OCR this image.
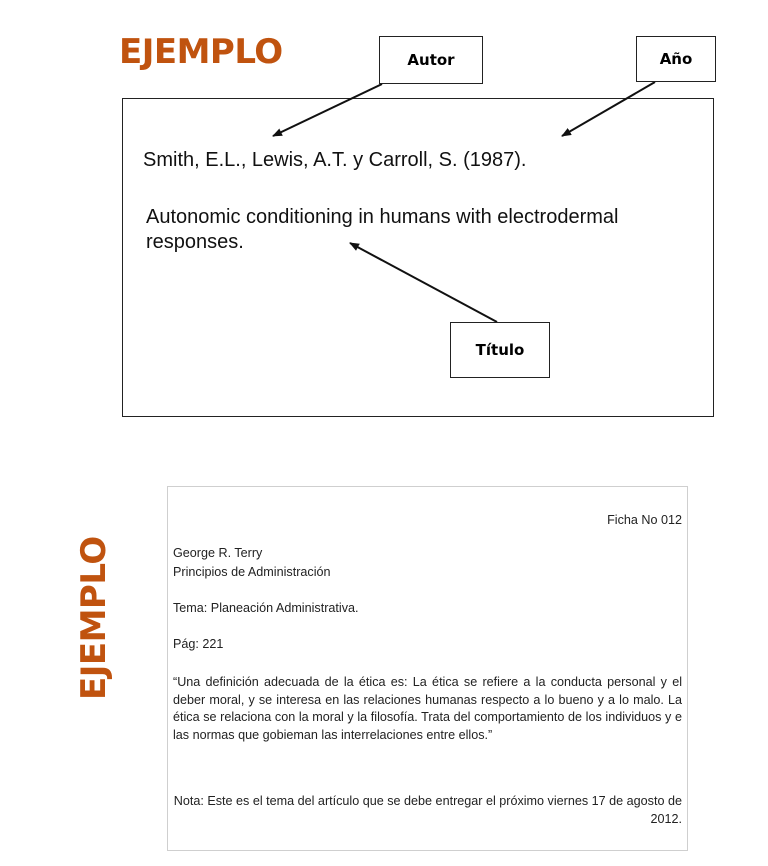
EJEMPLO
Smith, E.L., Lewis, A.T. y Carroll, S. (1987).
Autonomic conditioning in humans with electrodermal
responses.
Autor	Año
Título
EJEMPLO
Ficha No 012
George R. Terry
Principios de Administración
Tema: Planeación Administrativa.
Pág: 221
“Una definición adecuada de la ética es: La ética se refiere a la conducta personal y el deber moral, y se interesa en las relaciones humanas respecto a lo bueno y a lo malo. La ética se relaciona con la moral y la filosofía. Trata del comportamiento de los individuos y e las normas que gobieman las interrelaciones entre ellos.”
Nota: Este es el tema del artículo que se debe entregar el próximo viernes 17 de agosto de 2012.
